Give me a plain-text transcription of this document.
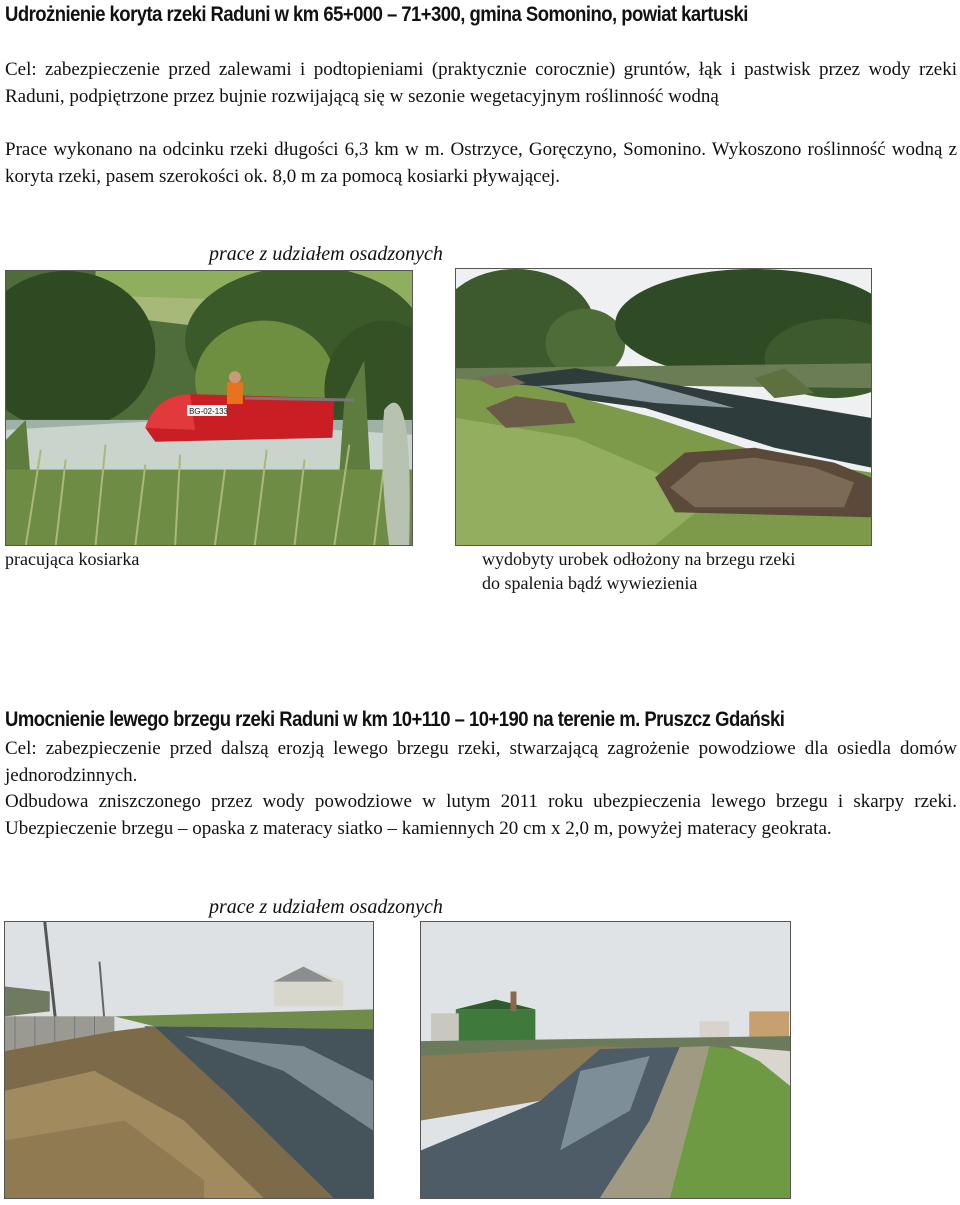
Udrożnienie koryta rzeki Raduni w km 65+000 – 71+300, gmina Somonino, powiat kartuski
Cel: zabezpieczenie przed zalewami i podtopieniami (praktycznie corocznie) gruntów, łąk i pastwisk przez wody rzeki Raduni, podpiętrzone przez bujnie rozwijającą się w sezonie wegetacyjnym roślinność wodną
Prace wykonano na odcinku rzeki długości 6,3 km w m. Ostrzyce, Goręczyno, Somonino. Wykoszono roślinność wodną z koryta rzeki, pasem szerokości ok. 8,0 m za pomocą kosiarki pływającej.
prace z udziałem osadzonych
BG-02-133
pracująca kosiarka	wydobyty urobek odłożony na brzegu rzeki
do spalenia bądź wywiezienia
Umocnienie lewego brzegu rzeki Raduni w km 10+110 – 10+190 na terenie m. Pruszcz Gdański
Cel: zabezpieczenie przed dalszą erozją lewego brzegu rzeki, stwarzającą zagrożenie powodziowe dla osiedla domów jednorodzinnych.
Odbudowa zniszczonego przez wody powodziowe w lutym 2011 roku ubezpieczenia lewego brzegu i skarpy rzeki. Ubezpieczenie brzegu – opaska z materacy siatko – kamiennych 20 cm x 2,0 m, powyżej materacy geokrata.
prace z udziałem osadzonych
